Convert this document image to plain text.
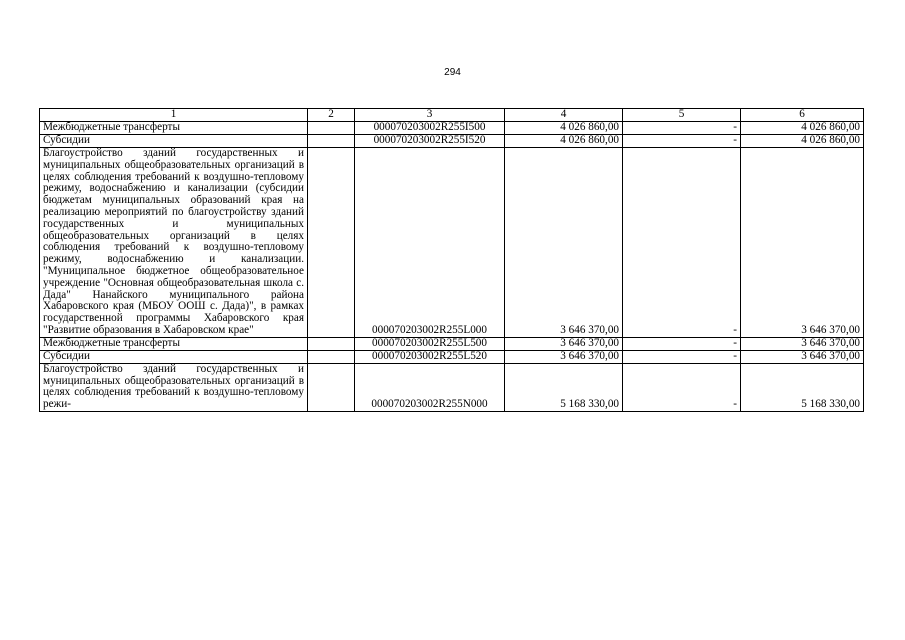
294
1	2	3	4	5	6
Межбюджетные трансферты		000070203002R255I500	4 026 860,00	-	4 026 860,00
Субсидии		000070203002R255I520	4 026 860,00	-	4 026 860,00
Благоустройство зданий государственных и муниципальных общеобразовательных организаций в целях соблюдения требований к воздушно-тепловому режиму, водоснабжению и канализации (субсидии бюджетам муниципальных образований края на реализацию мероприятий по благоустройству зданий государственных и муниципальных общеобразовательных организаций в целях соблюдения требований к воздушно-тепловому режиму, водоснабжению и канализации. "Муниципальное бюджетное общеобразовательное учреждение "Основная общеобразовательная школа с. Дада" Нанайского муниципального района Хабаровского края (МБОУ ООШ с. Дада)", в рамках государственной программы Хабаровского края "Развитие образования в Хабаровском крае"		000070203002R255L000	3 646 370,00	-	3 646 370,00
Межбюджетные трансферты		000070203002R255L500	3 646 370,00	-	3 646 370,00
Субсидии		000070203002R255L520	3 646 370,00	-	3 646 370,00
Благоустройство зданий государственных и муниципальных общеобразовательных организаций в целях соблюдения требований к воздушно-тепловому режи-		000070203002R255N000	5 168 330,00	-	5 168 330,00
